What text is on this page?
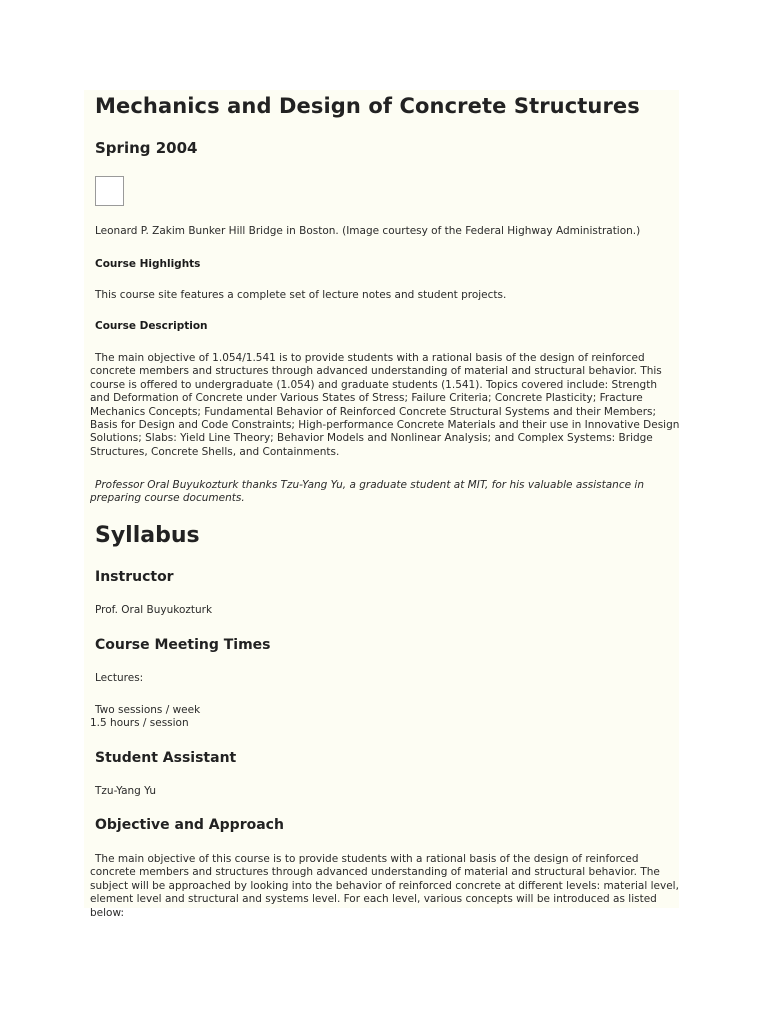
Mechanics and Design of Concrete Structures
Spring 2004

Leonard P. Zakim Bunker Hill Bridge in Boston. (Image courtesy of the Federal Highway Administration.)

Course Highlights

This course site features a complete set of lecture notes and student projects.

Course Description

The main objective of 1.054/1.541 is to provide students with a rational basis of the design of reinforced concrete members and structures through advanced understanding of material and structural behavior. This course is offered to undergraduate (1.054) and graduate students (1.541). Topics covered include: Strength and Deformation of Concrete under Various States of Stress; Failure Criteria; Concrete Plasticity; Fracture Mechanics Concepts; Fundamental Behavior of Reinforced Concrete Structural Systems and their Members; Basis for Design and Code Constraints; High-performance Concrete Materials and their use in Innovative Design Solutions; Slabs: Yield Line Theory; Behavior Models and Nonlinear Analysis; and Complex Systems: Bridge Structures, Concrete Shells, and Containments.

Professor Oral Buyukozturk thanks Tzu-Yang Yu, a graduate student at MIT, for his valuable assistance in preparing course documents.

Syllabus
Instructor

Prof. Oral Buyukozturk

Course Meeting Times

Lectures:

Two sessions / week

1.5 hours / session

Student Assistant

Tzu-Yang Yu

Objective and Approach

The main objective of this course is to provide students with a rational basis of the design of reinforced concrete members and structures through advanced understanding of material and structural behavior. The subject will be approached by looking into the behavior of reinforced concrete at different levels: material level, element level and structural and systems level. For each level, various concepts will be introduced as listed below:
